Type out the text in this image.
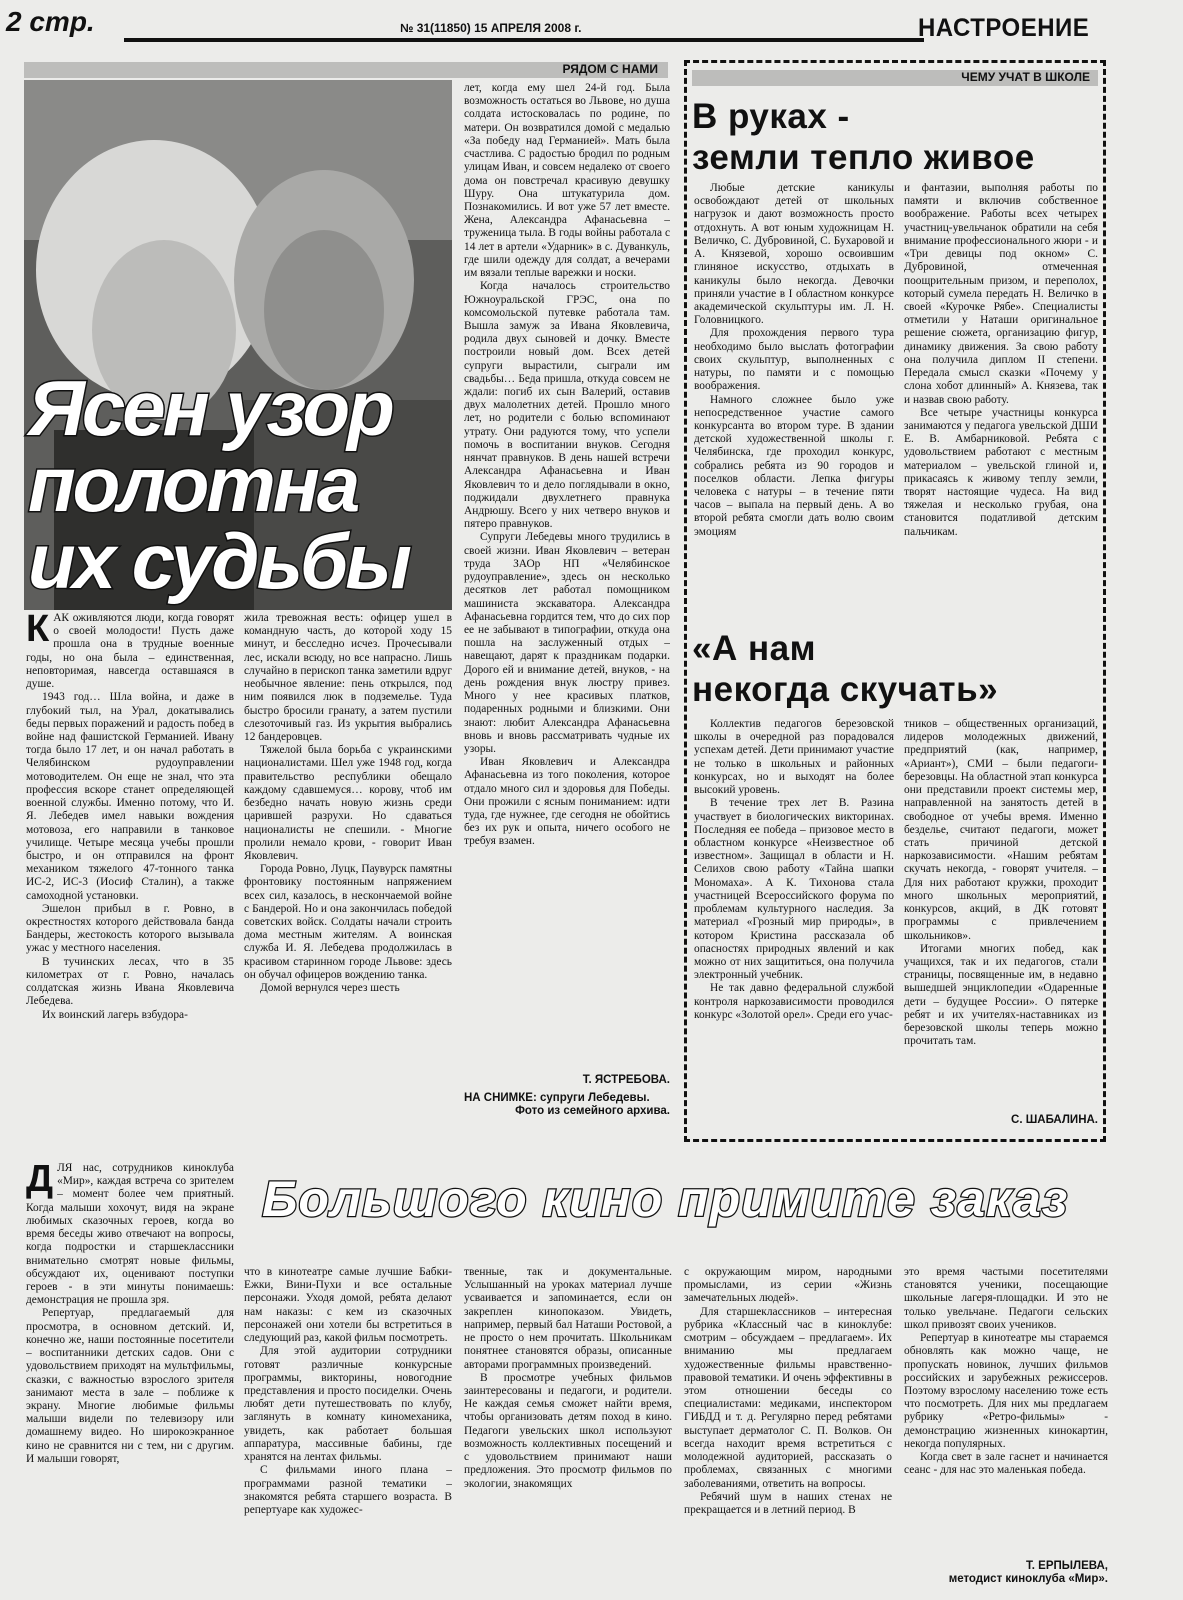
2 стр.	№ 31(11850) 15 АПРЕЛЯ 2008 г.	НАСТРОЕНИЕ
РЯДОМ С НАМИ
Ясен узор
полотна
их судьбы
К АК оживляются люди, когда говорят о своей молодости! Пусть даже прошла она в трудные военные годы, но она была – единственная, неповторимая, навсегда оставшаяся в душе.

1943 год… Шла война, и даже в глубокий тыл, на Урал, докатывались беды первых поражений и радость побед в войне над фашистской Германией. Ивану тогда было 17 лет, и он начал работать в Челябинском рудоуправлении мотоводителем. Он еще не знал, что эта профессия вскоре станет определяющей военной службы. Именно потому, что И. Я. Лебедев имел навыки вождения мотовоза, его направили в танковое училище. Четыре месяца учебы прошли быстро, и он отправился на фронт механиком тяжелого 47-тонного танка ИС-2, ИС-3 (Иосиф Сталин), а также самоходной установки.

Эшелон прибыл в г. Ровно, в окрестностях которого действовала банда Бандеры, жестокость которого вызывала ужас у местного населения.

В тучинских лесах, что в 35 километрах от г. Ровно, началась солдатская жизнь Ивана Яковлевича Лебедева.

Их воинский лагерь взбудора-

жила тревожная весть: офицер ушел в командную часть, до которой ходу 15 минут, и бесследно исчез. Прочесывали лес, искали всюду, но все напрасно. Лишь случайно в перископ танка заметили вдруг необычное явление: пень открылся, под ним появился люк в подземелье. Туда быстро бросили гранату, а затем пустили слезоточивый газ. Из укрытия выбрались 12 бандеровцев.

Тяжелой была борьба с украинскими националистами. Шел уже 1948 год, когда правительство республики обещало каждому сдавшемуся… корову, чтоб им безбедно начать новую жизнь среди царившей разрухи. Но сдаваться националисты не спешили. - Многие пролили немало крови, - говорит Иван Яковлевич.

Города Ровно, Луцк, Паувурск памятны фронтовику постоянным напряжением всех сил, казалось, в нескончаемой войне с Бандерой. Но и она закончилась победой советских войск. Солдаты начали строить дома местным жителям. А воинская служба И. Я. Лебедева продолжилась в красивом старинном городе Львове: здесь он обучал офицеров вождению танка.

Домой вернулся через шесть

лет, когда ему шел 24-й год. Была возможность остаться во Львове, но душа солдата истосковалась по родине, по матери. Он возвратился домой с медалью «За победу над Германией». Мать была счастлива. С радостью бродил по родным улицам Иван, и совсем недалеко от своего дома он повстречал красивую девушку Шуру. Она штукатурила дом. Познакомились. И вот уже 57 лет вместе. Жена, Александра Афанасьевна – труженица тыла. В годы войны работала с 14 лет в артели «Ударник» в с. Дуванкуль, где шили одежду для солдат, а вечерами им вязали теплые варежки и носки.

Когда началось строительство Южноуральской ГРЭС, она по комсомольской путевке работала там. Вышла замуж за Ивана Яковлевича, родила двух сыновей и дочку. Вместе построили новый дом. Всех детей супруги вырастили, сыграли им свадьбы… Беда пришла, откуда совсем не ждали: погиб их сын Валерий, оставив двух малолетних детей. Прошло много лет, но родители с болью вспоминают утрату. Они радуются тому, что успели помочь в воспитании внуков. Сегодня нянчат правнуков. В день нашей встречи Александра Афанасьевна и Иван Яковлевич то и дело поглядывали в окно, поджидали двухлетнего правнука Андрюшу. Всего у них четверо внуков и пятеро правнуков.

Супруги Лебедевы много трудились в своей жизни. Иван Яковлевич – ветеран труда ЗАОр НП «Челябинское рудоуправление», здесь он несколько десятков лет работал помощником машиниста экскаватора. Александра Афанасьевна гордится тем, что до сих пор ее не забывают в типографии, откуда она пошла на заслуженный отдых – навещают, дарят к праздникам подарки. Дорого ей и внимание детей, внуков, - на день рождения внук люстру привез. Много у нее красивых платков, подаренных родными и близкими. Они знают: любит Александра Афанасьевна вновь и вновь рассматривать чудные их узоры.

Иван Яковлевич и Александра Афанасьевна из того поколения, которое отдало много сил и здоровья для Победы. Они прожили с ясным пониманием: идти туда, где нужнее, где сегодня не обойтись без их рук и опыта, ничего особого не требуя взамен.

Т. ЯСТРЕБОВА.
НА СНИМКЕ: супруги Лебедевы.
Фото из семейного архива.
ЧЕМУ УЧАТ В ШКОЛЕ
В руках -
земли тепло живое

Любые детские каникулы освобождают детей от школьных нагрузок и дают возможность просто отдохнуть. А вот юным художницам Н. Величко, С. Дубровиной, С. Бухаровой и А. Князевой, хорошо освоившим глиняное искусство, отдыхать в каникулы было некогда. Девочки приняли участие в I областном конкурсе академической скульптуры им. Л. Н. Головницкого.

Для прохождения первого тура необходимо было выслать фотографии своих скульптур, выполненных с натуры, по памяти и с помощью воображения.

Намного сложнее было уже непосредственное участие самого конкурсанта во втором туре. В здании детской художественной школы г. Челябинска, где проходил конкурс, собрались ребята из 90 городов и поселков области. Лепка фигуры человека с натуры – в течение пяти часов – выпала на первый день. А во второй ребята смогли дать волю своим эмоциям

и фантазии, выполняя работы по памяти и включив собственное воображение. Работы всех четырех участниц-увельчанок обратили на себя внимание профессионального жюри - и «Три девицы под окном» С. Дубровиной, отмеченная поощрительным призом, и переполох, который сумела передать Н. Величко в своей «Курочке Рябе». Специалисты отметили у Наташи оригинальное решение сюжета, организацию фигур, динамику движения. За свою работу она получила диплом II степени. Передала смысл сказки «Почему у слона хобот длинный» А. Князева, так и назвав свою работу.

Все четыре участницы конкурса занимаются у педагога увельской ДШИ Е. В. Амбарниковой. Ребята с удовольствием работают с местным материалом – увельской глиной и, прикасаясь к живому теплу земли, творят настоящие чудеса. На вид тяжелая и несколько грубая, она становится податливой детским пальчикам.

«А нам
некогда скучать»

Коллектив педагогов березовской школы в очередной раз порадовался успехам детей. Дети принимают участие не только в школьных и районных конкурсах, но и выходят на более высокий уровень.

В течение трех лет В. Разина участвует в биологических викторинах. Последняя ее победа – призовое место в областном конкурсе «Неизвестное об известном». Защищал в области и Н. Селихов свою работу «Тайна шапки Мономаха». А К. Тихонова стала участницей Всероссийского форума по проблемам культурного наследия. За материал «Грозный мир природы», в котором Кристина рассказала об опасностях природных явлений и как можно от них защититься, она получила электронный учебник.

Не так давно федеральной службой контроля наркозависимости проводился конкурс «Золотой орел». Среди его учас-

тников – общественных организаций, лидеров молодежных движений, предприятий (как, например, «Ариант»), СМИ – были педагоги-березовцы. На областной этап конкурса они представили проект системы мер, направленной на занятость детей в свободное от учебы время. Именно безделье, считают педагоги, может стать причиной детской наркозависимости. «Нашим ребятам скучать некогда, - говорят учителя. – Для них работают кружки, проходит много школьных мероприятий, конкурсов, акций, в ДК готовят программы с привлечением школьников».

Итогами многих побед, как учащихся, так и их педагогов, стали страницы, посвященные им, в недавно вышедшей энциклопедии «Одаренные дети – будущее России». О пятерке ребят и их учителях-наставниках из березовской школы теперь можно прочитать там.

С. ШАБАЛИНА.
Большого кино примите заказ
Д ЛЯ нас, сотрудников киноклуба «Мир», каждая встреча со зрителем – момент более чем приятный. Когда малыши хохочут, видя на экране любимых сказочных героев, когда во время беседы живо отвечают на вопросы, когда подростки и старшеклассники внимательно смотрят новые фильмы, обсуждают их, оценивают поступки героев - в эти минуты понимаешь: демонстрация не прошла зря.

Репертуар, предлагаемый для просмотра, в основном детский. И, конечно же, наши постоянные посетители – воспитанники детских садов. Они с удовольствием приходят на мультфильмы, сказки, с важностью взрослого зрителя занимают места в зале – поближе к экрану. Многие любимые фильмы малыши видели по телевизору или домашнему видео. Но широкоэкранное кино не сравнится ни с тем, ни с другим. И малыши говорят,

что в кинотеатре самые лучшие Бабки-Ежки, Вини-Пухи и все остальные персонажи. Уходя домой, ребята делают нам наказы: с кем из сказочных персонажей они хотели бы встретиться в следующий раз, какой фильм посмотреть.

Для этой аудитории сотрудники готовят различные конкурсные программы, викторины, новогодние представления и просто посиделки. Очень любят дети путешествовать по клубу, заглянуть в комнату киномеханика, увидеть, как работает большая аппаратура, массивные бабины, где хранятся на лентах фильмы.

С фильмами иного плана – программами разной тематики – знакомятся ребята старшего возраста. В репертуаре как художес-

твенные, так и документальные. Услышанный на уроках материал лучше усваивается и запоминается, если он закреплен кинопоказом. Увидеть, например, первый бал Наташи Ростовой, а не просто о нем прочитать. Школьникам понятнее становятся образы, описанные авторами программных произведений.

В просмотре учебных фильмов заинтересованы и педагоги, и родители. Не каждая семья сможет найти время, чтобы организовать детям поход в кино. Педагоги увельских школ используют возможность коллективных посещений и с удовольствием принимают наши предложения. Это просмотр фильмов по экологии, знакомящих

с окружающим миром, народными промыслами, из серии «Жизнь замечательных людей».

Для старшеклассников – интересная рубрика «Классный час в киноклубе: смотрим – обсуждаем – предлагаем». Их вниманию мы предлагаем художественные фильмы нравственно-правовой тематики. И очень эффективны в этом отношении беседы со специалистами: медиками, инспектором ГИБДД и т. д. Регулярно перед ребятами выступает дерматолог С. П. Волков. Он всегда находит время встретиться с молодежной аудиторией, рассказать о проблемах, связанных с многими заболеваниями, ответить на вопросы.

Ребячий шум в наших стенах не прекращается и в летний период. В

это время частыми посетителями становятся ученики, посещающие школьные лагеря-площадки. И это не только увельчане. Педагоги сельских школ привозят своих учеников.

Репертуар в кинотеатре мы стараемся обновлять как можно чаще, не пропускать новинок, лучших фильмов российских и зарубежных режиссеров. Поэтому взрослому населению тоже есть что посмотреть. Для них мы предлагаем рубрику «Ретро-фильмы» - демонстрацию жизненных кинокартин, некогда популярных.

Когда свет в зале гаснет и начинается сеанс - для нас это маленькая победа.

Т. ЕРПЫЛЕВА,
методист киноклуба «Мир».
